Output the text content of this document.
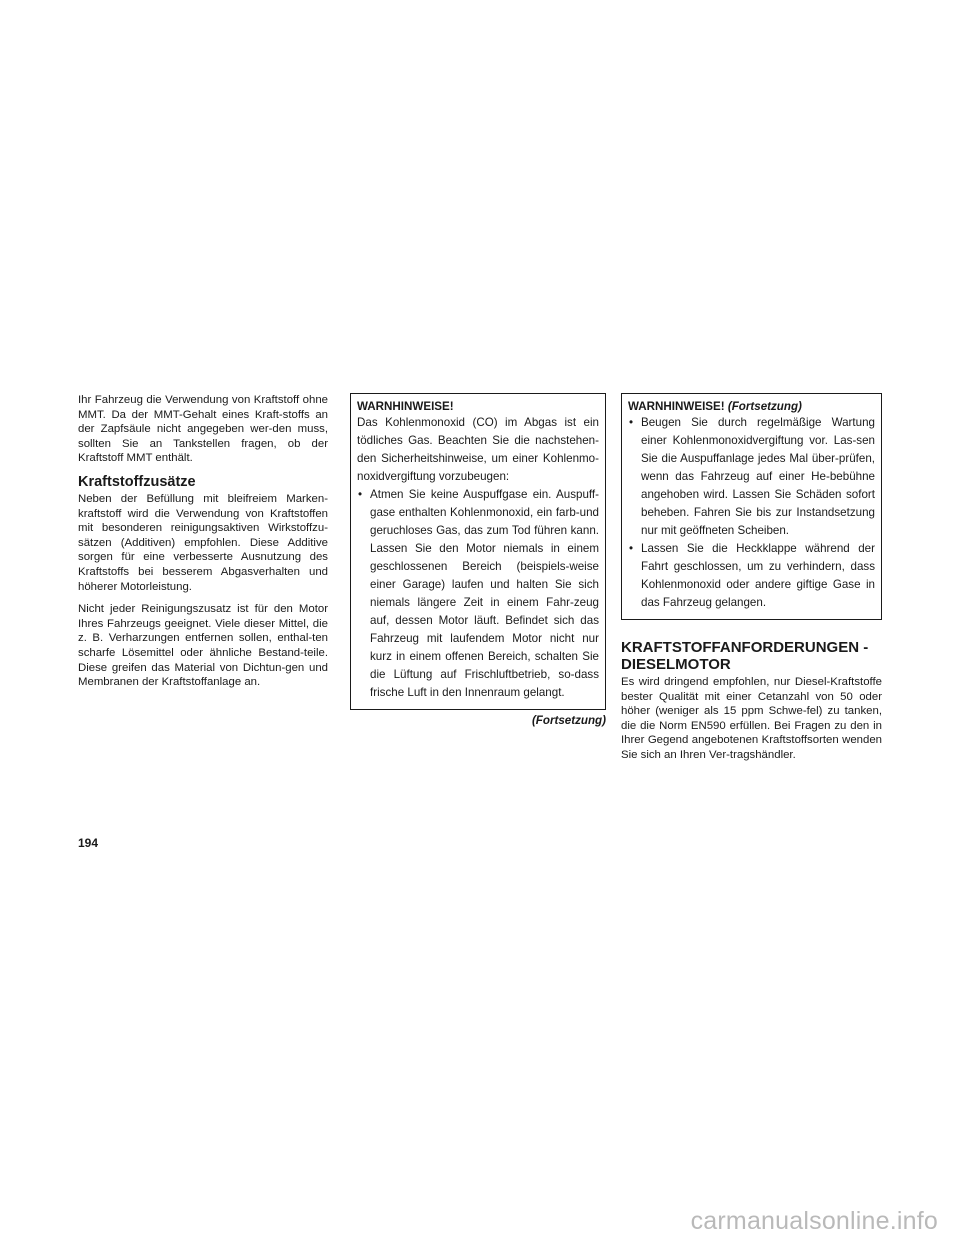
Ihr Fahrzeug die Verwendung von Kraftstoff ohne MMT. Da der MMT-Gehalt eines Kraft-stoffs an der Zapfsäule nicht angegeben wer-den muss, sollten Sie an Tankstellen fragen, ob der Kraftstoff MMT enthält.

Kraftstoffzusätze

Neben der Befüllung mit bleifreiem Marken-kraftstoff wird die Verwendung von Kraftstoffen mit besonderen reinigungsaktiven Wirkstoffzu-sätzen (Additiven) empfohlen. Diese Additive sorgen für eine verbesserte Ausnutzung des Kraftstoffs bei besserem Abgasverhalten und höherer Motorleistung.

Nicht jeder Reinigungszusatz ist für den Motor Ihres Fahrzeugs geeignet. Viele dieser Mittel, die z. B. Verharzungen entfernen sollen, enthal-ten scharfe Lösemittel oder ähnliche Bestand-teile. Diese greifen das Material von Dichtun-gen und Membranen der Kraftstoffanlage an.

WARNHINWEISE!

Das Kohlenmonoxid (CO) im Abgas ist ein tödliches Gas. Beachten Sie die nachstehen-den Sicherheitshinweise, um einer Kohlenmo-noxidvergiftung vorzubeugen:

• Atmen Sie keine Auspuffgase ein. Auspuff-gase enthalten Kohlenmonoxid, ein farb-und geruchloses Gas, das zum Tod führen kann. Lassen Sie den Motor niemals in einem geschlossenen Bereich (beispiels-weise einer Garage) laufen und halten Sie sich niemals längere Zeit in einem Fahr-zeug auf, dessen Motor läuft. Befindet sich das Fahrzeug mit laufendem Motor nicht nur kurz in einem offenen Bereich, schalten Sie die Lüftung auf Frischluftbetrieb, so-dass frische Luft in den Innenraum gelangt.
(Fortsetzung)

WARNHINWEISE! (Fortsetzung)

• Beugen Sie durch regelmäßige Wartung einer Kohlenmonoxidvergiftung vor. Las-sen Sie die Auspuffanlage jedes Mal über-prüfen, wenn das Fahrzeug auf einer He-bebühne angehoben wird. Lassen Sie Schäden sofort beheben. Fahren Sie bis zur Instandsetzung nur mit geöffneten Scheiben.
• Lassen Sie die Heckklappe während der Fahrt geschlossen, um zu verhindern, dass Kohlenmonoxid oder andere giftige Gase in das Fahrzeug gelangen.
KRAFTSTOFFANFORDERUNGEN -
DIESELMOTOR

Es wird dringend empfohlen, nur Diesel-Kraftstoffe bester Qualität mit einer Cetanzahl von 50 oder höher (weniger als 15 ppm Schwe-fel) zu tanken, die die Norm EN590 erfüllen. Bei Fragen zu den in Ihrer Gegend angebotenen Kraftstoffsorten wenden Sie sich an Ihren Ver-tragshändler.

194
carmanualsonline.info
